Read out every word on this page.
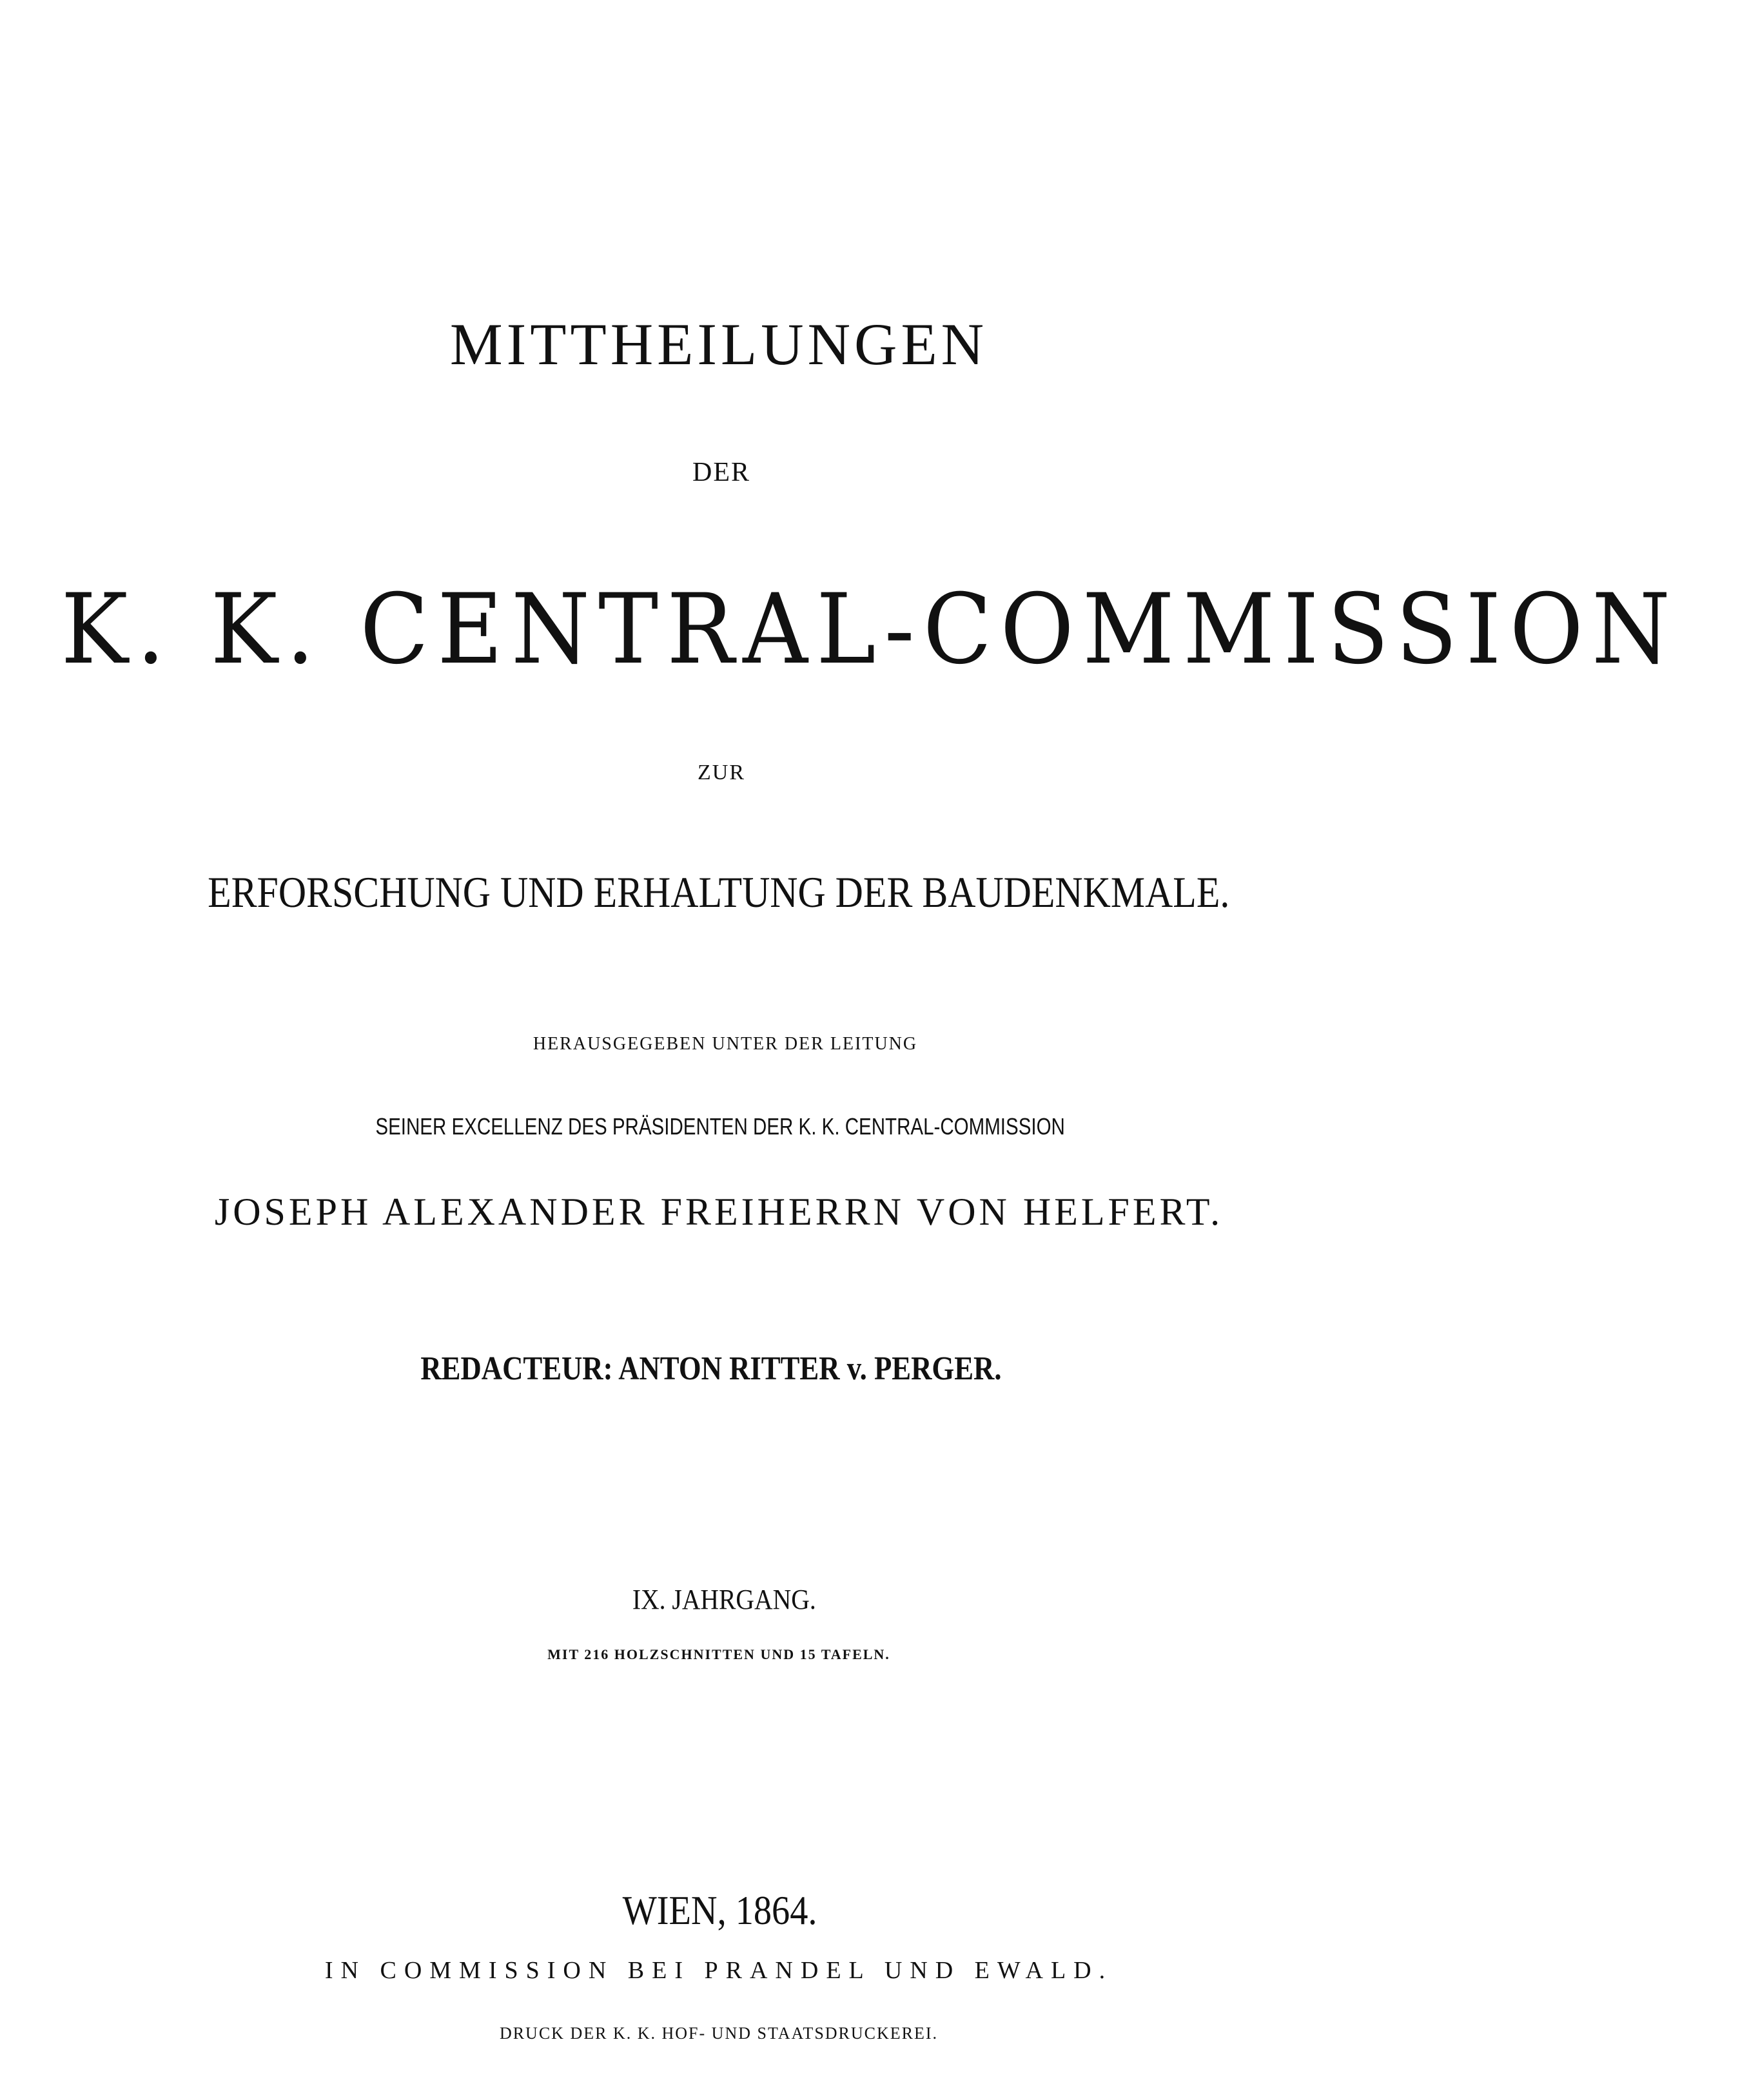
MITTHEILUNGEN
DER
K. K. CENTRAL-COMMISSION
ZUR
ERFORSCHUNG UND ERHALTUNG DER BAUDENKMALE.
HERAUSGEGEBEN UNTER DER LEITUNG
SEINER EXCELLENZ DES PRÄSIDENTEN DER K. K. CENTRAL-COMMISSION
JOSEPH ALEXANDER FREIHERRN VON HELFERT.
REDACTEUR: ANTON RITTER v. PERGER.
IX. JAHRGANG.
MIT 216 HOLZSCHNITTEN UND 15 TAFELN.
WIEN, 1864.
IN COMMISSION BEI PRANDEL UND EWALD.
DRUCK DER K. K. HOF- UND STAATSDRUCKEREI.
